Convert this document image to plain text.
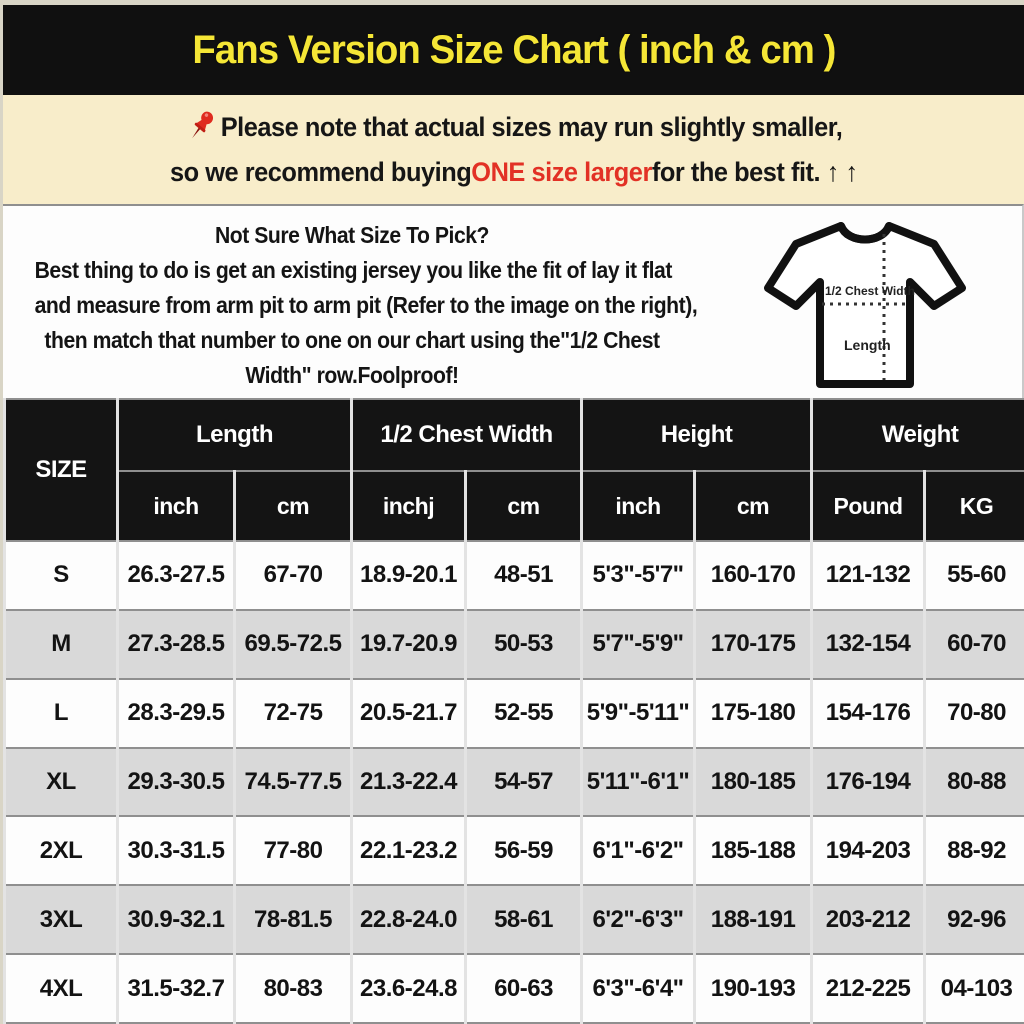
Fans Version Size Chart ( inch & cm )
Please note that actual sizes may run slightly smaller,
so we recommend buying ONE size larger for the best fit. ↑ ↑
Not Sure What Size To Pick?
Best thing to do is get an existing jersey you like the fit of lay it flat
and measure from arm pit to arm pit (Refer to the image on the right),
then match that number to one on our chart using the"1/2 Chest
Width" row.Foolproof!
1/2 Chest Width
Length
SIZE	Length		1/2 Chest Width		Height		Weight	
	inch	cm	inchj	cm	inch	cm	Pound	KG
S	26.3-27.5	67-70	18.9-20.1	48-51	5'3"-5'7"	160-170	121-132	55-60
M	27.3-28.5	69.5-72.5	19.7-20.9	50-53	5'7"-5'9"	170-175	132-154	60-70
L	28.3-29.5	72-75	20.5-21.7	52-55	5'9"-5'11"	175-180	154-176	70-80
XL	29.3-30.5	74.5-77.5	21.3-22.4	54-57	5'11"-6'1"	180-185	176-194	80-88
2XL	30.3-31.5	77-80	22.1-23.2	56-59	6'1"-6'2"	185-188	194-203	88-92
3XL	30.9-32.1	78-81.5	22.8-24.0	58-61	6'2"-6'3"	188-191	203-212	92-96
4XL	31.5-32.7	80-83	23.6-24.8	60-63	6'3"-6'4"	190-193	212-225	04-103
